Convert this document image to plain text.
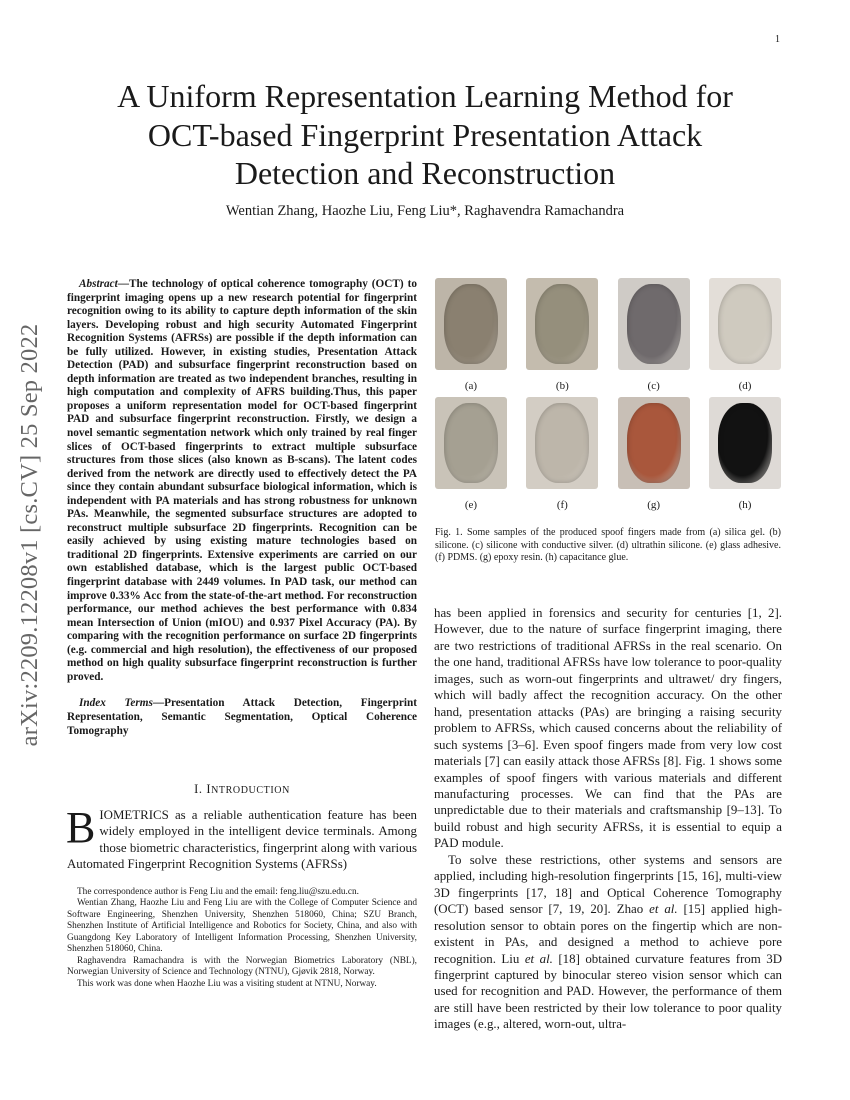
1
arXiv:2209.12208v1 [cs.CV] 25 Sep 2022
A Uniform Representation Learning Method for
OCT-based Fingerprint Presentation Attack
Detection and Reconstruction
Wentian Zhang, Haozhe Liu, Feng Liu*, Raghavendra Ramachandra

Abstract—The technology of optical coherence tomography (OCT) to fingerprint imaging opens up a new research potential for fingerprint recognition owing to its ability to capture depth information of the skin layers. Developing robust and high security Automated Fingerprint Recognition Systems (AFRSs) are possible if the depth information can be fully utilized. However, in existing studies, Presentation Attack Detection (PAD) and subsurface fingerprint reconstruction based on depth information are treated as two independent branches, resulting in high computation and complexity of AFRS building.Thus, this paper proposes a uniform representation model for OCT-based fingerprint PAD and subsurface fingerprint reconstruction. Firstly, we design a novel semantic segmentation network which only trained by real finger slices of OCT-based fingerprints to extract multiple subsurface structures from those slices (also known as B-scans). The latent codes derived from the network are directly used to effectively detect the PA since they contain abundant subsurface biological information, which is independent with PA materials and has strong robustness for unknown PAs. Meanwhile, the segmented subsurface structures are adopted to reconstruct multiple subsurface 2D fingerprints. Recognition can be easily achieved by using existing mature technologies based on traditional 2D fingerprints. Extensive experiments are carried on our own established database, which is the largest public OCT-based fingerprint database with 2449 volumes. In PAD task, our method can improve 0.33% Acc from the state-of-the-art method. For reconstruction performance, our method achieves the best performance with 0.834 mean Intersection of Union (mIOU) and 0.937 Pixel Accuracy (PA). By comparing with the recognition performance on surface 2D fingerprints (e.g. commercial and high resolution), the effectiveness of our proposed method on high quality subsurface fingerprint reconstruction is further proved.

Index Terms—Presentation Attack Detection, Fingerprint Representation, Semantic Segmentation, Optical Coherence Tomography

I. INTRODUCTION

BIOMETRICS as a reliable authentication feature has been widely employed in the intelligent device terminals. Among those biometric characteristics, fingerprint along with various Automated Fingerprint Recognition Systems (AFRSs)

The correspondence author is Feng Liu and the email: feng.liu@szu.edu.cn.

Wentian Zhang, Haozhe Liu and Feng Liu are with the College of Computer Science and Software Engineering, Shenzhen University, Shenzhen 518060, China; SZU Branch, Shenzhen Institute of Artificial Intelligence and Robotics for Society, China, and also with Guangdong Key Laboratory of Intelligent Information Processing, Shenzhen University, Shenzhen 518060, China.

Raghavendra Ramachandra is with the Norwegian Biometrics Laboratory (NBL), Norwegian University of Science and Technology (NTNU), Gjøvik 2818, Norway.

This work was done when Haozhe Liu was a visiting student at NTNU, Norway.

(a)	(b)	(c)	(d)
(e)	(f)	(g)	(h)
Fig. 1. Some samples of the produced spoof fingers made from (a) silica gel. (b) silicone. (c) silicone with conductive silver. (d) ultrathin silicone. (e) glass adhesive. (f) PDMS. (g) epoxy resin. (h) capacitance glue.

has been applied in forensics and security for centuries [1, 2]. However, due to the nature of surface fingerprint imaging, there are two restrictions of traditional AFRSs in the real scenario. On the one hand, traditional AFRSs have low tolerance to poor-quality images, such as worn-out fingerprints and ultrawet/ dry fingers, which will badly affect the recognition accuracy. On the other hand, presentation attacks (PAs) are bringing a raising security problem to AFRSs, which caused concerns about the reliability of such systems [3–6]. Even spoof fingers made from very low cost materials [7] can easily attack those AFRSs [8]. Fig. 1 shows some examples of spoof fingers with various materials and different manufacturing processes. We can find that the PAs are unpredictable due to their materials and craftsmanship [9–13]. To build robust and high security AFRSs, it is essential to equip a PAD module.

To solve these restrictions, other systems and sensors are applied, including high-resolution fingerprints [15, 16], multi-view 3D fingerprints [17, 18] and Optical Coherence Tomography (OCT) based sensor [7, 19, 20]. Zhao et al. [15] applied high-resolution sensor to obtain pores on the fingertip which are non-existent in PAs, and designed a method to achieve pore recognition. Liu et al. [18] obtained curvature features from 3D fingerprint captured by binocular stereo vision sensor which can used for recognition and PAD. However, the performance of them are still have been restricted by their low tolerance to poor quality images (e.g., altered, worn-out, ultra-
